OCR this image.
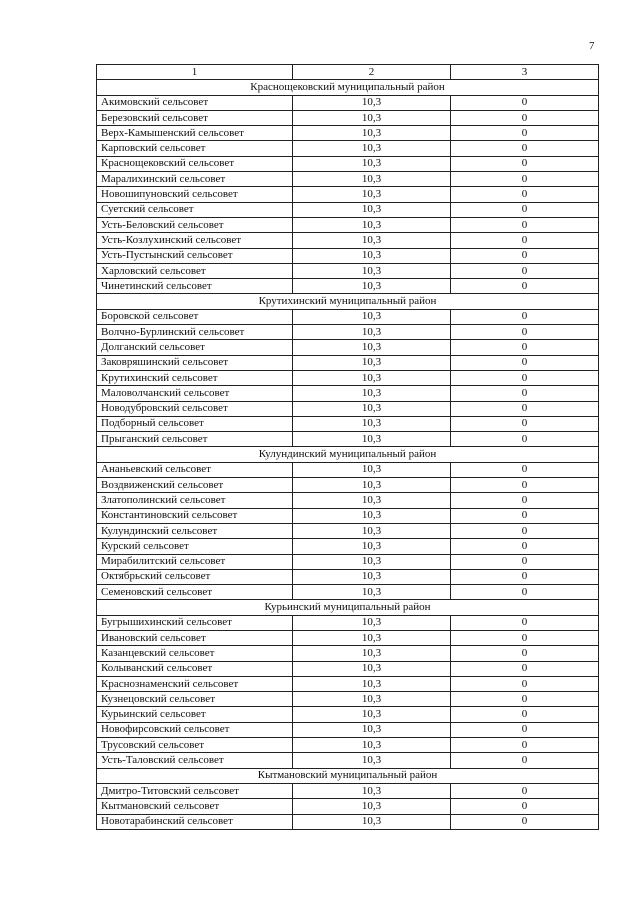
7
1	2	3
Краснощековский муниципальный район		
Акимовский сельсовет	10,3	0
Березовский сельсовет	10,3	0
Верх-Камышенский сельсовет	10,3	0
Карповский сельсовет	10,3	0
Краснощековский сельсовет	10,3	0
Маралихинский сельсовет	10,3	0
Новошипуновский сельсовет	10,3	0
Суетский сельсовет	10,3	0
Усть-Беловский сельсовет	10,3	0
Усть-Козлухинский сельсовет	10,3	0
Усть-Пустынский сельсовет	10,3	0
Харловский сельсовет	10,3	0
Чинетинский сельсовет	10,3	0
Крутихинский муниципальный район		
Боровской сельсовет	10,3	0
Волчно-Бурлинский сельсовет	10,3	0
Долганский сельсовет	10,3	0
Заковряшинский сельсовет	10,3	0
Крутихинский сельсовет	10,3	0
Маловолчанский сельсовет	10,3	0
Новодубровский сельсовет	10,3	0
Подборный сельсовет	10,3	0
Прыганский сельсовет	10,3	0
Кулундинский муниципальный район		
Ананьевский сельсовет	10,3	0
Воздвиженский сельсовет	10,3	0
Златополинский сельсовет	10,3	0
Константиновский сельсовет	10,3	0
Кулундинский сельсовет	10,3	0
Курский сельсовет	10,3	0
Мирабилитский сельсовет	10,3	0
Октябрьский сельсовет	10,3	0
Семеновский сельсовет	10,3	0
Курьинский муниципальный район		
Бугрышихинский сельсовет	10,3	0
Ивановский сельсовет	10,3	0
Казанцевский сельсовет	10,3	0
Колыванский сельсовет	10,3	0
Краснознаменский сельсовет	10,3	0
Кузнецовский сельсовет	10,3	0
Курьинский сельсовет	10,3	0
Новофирсовский сельсовет	10,3	0
Трусовский сельсовет	10,3	0
Усть-Таловский сельсовет	10,3	0
Кытмановский муниципальный район		
Дмитро-Титовский сельсовет	10,3	0
Кытмановский сельсовет	10,3	0
Новотарабинский сельсовет	10,3	0
